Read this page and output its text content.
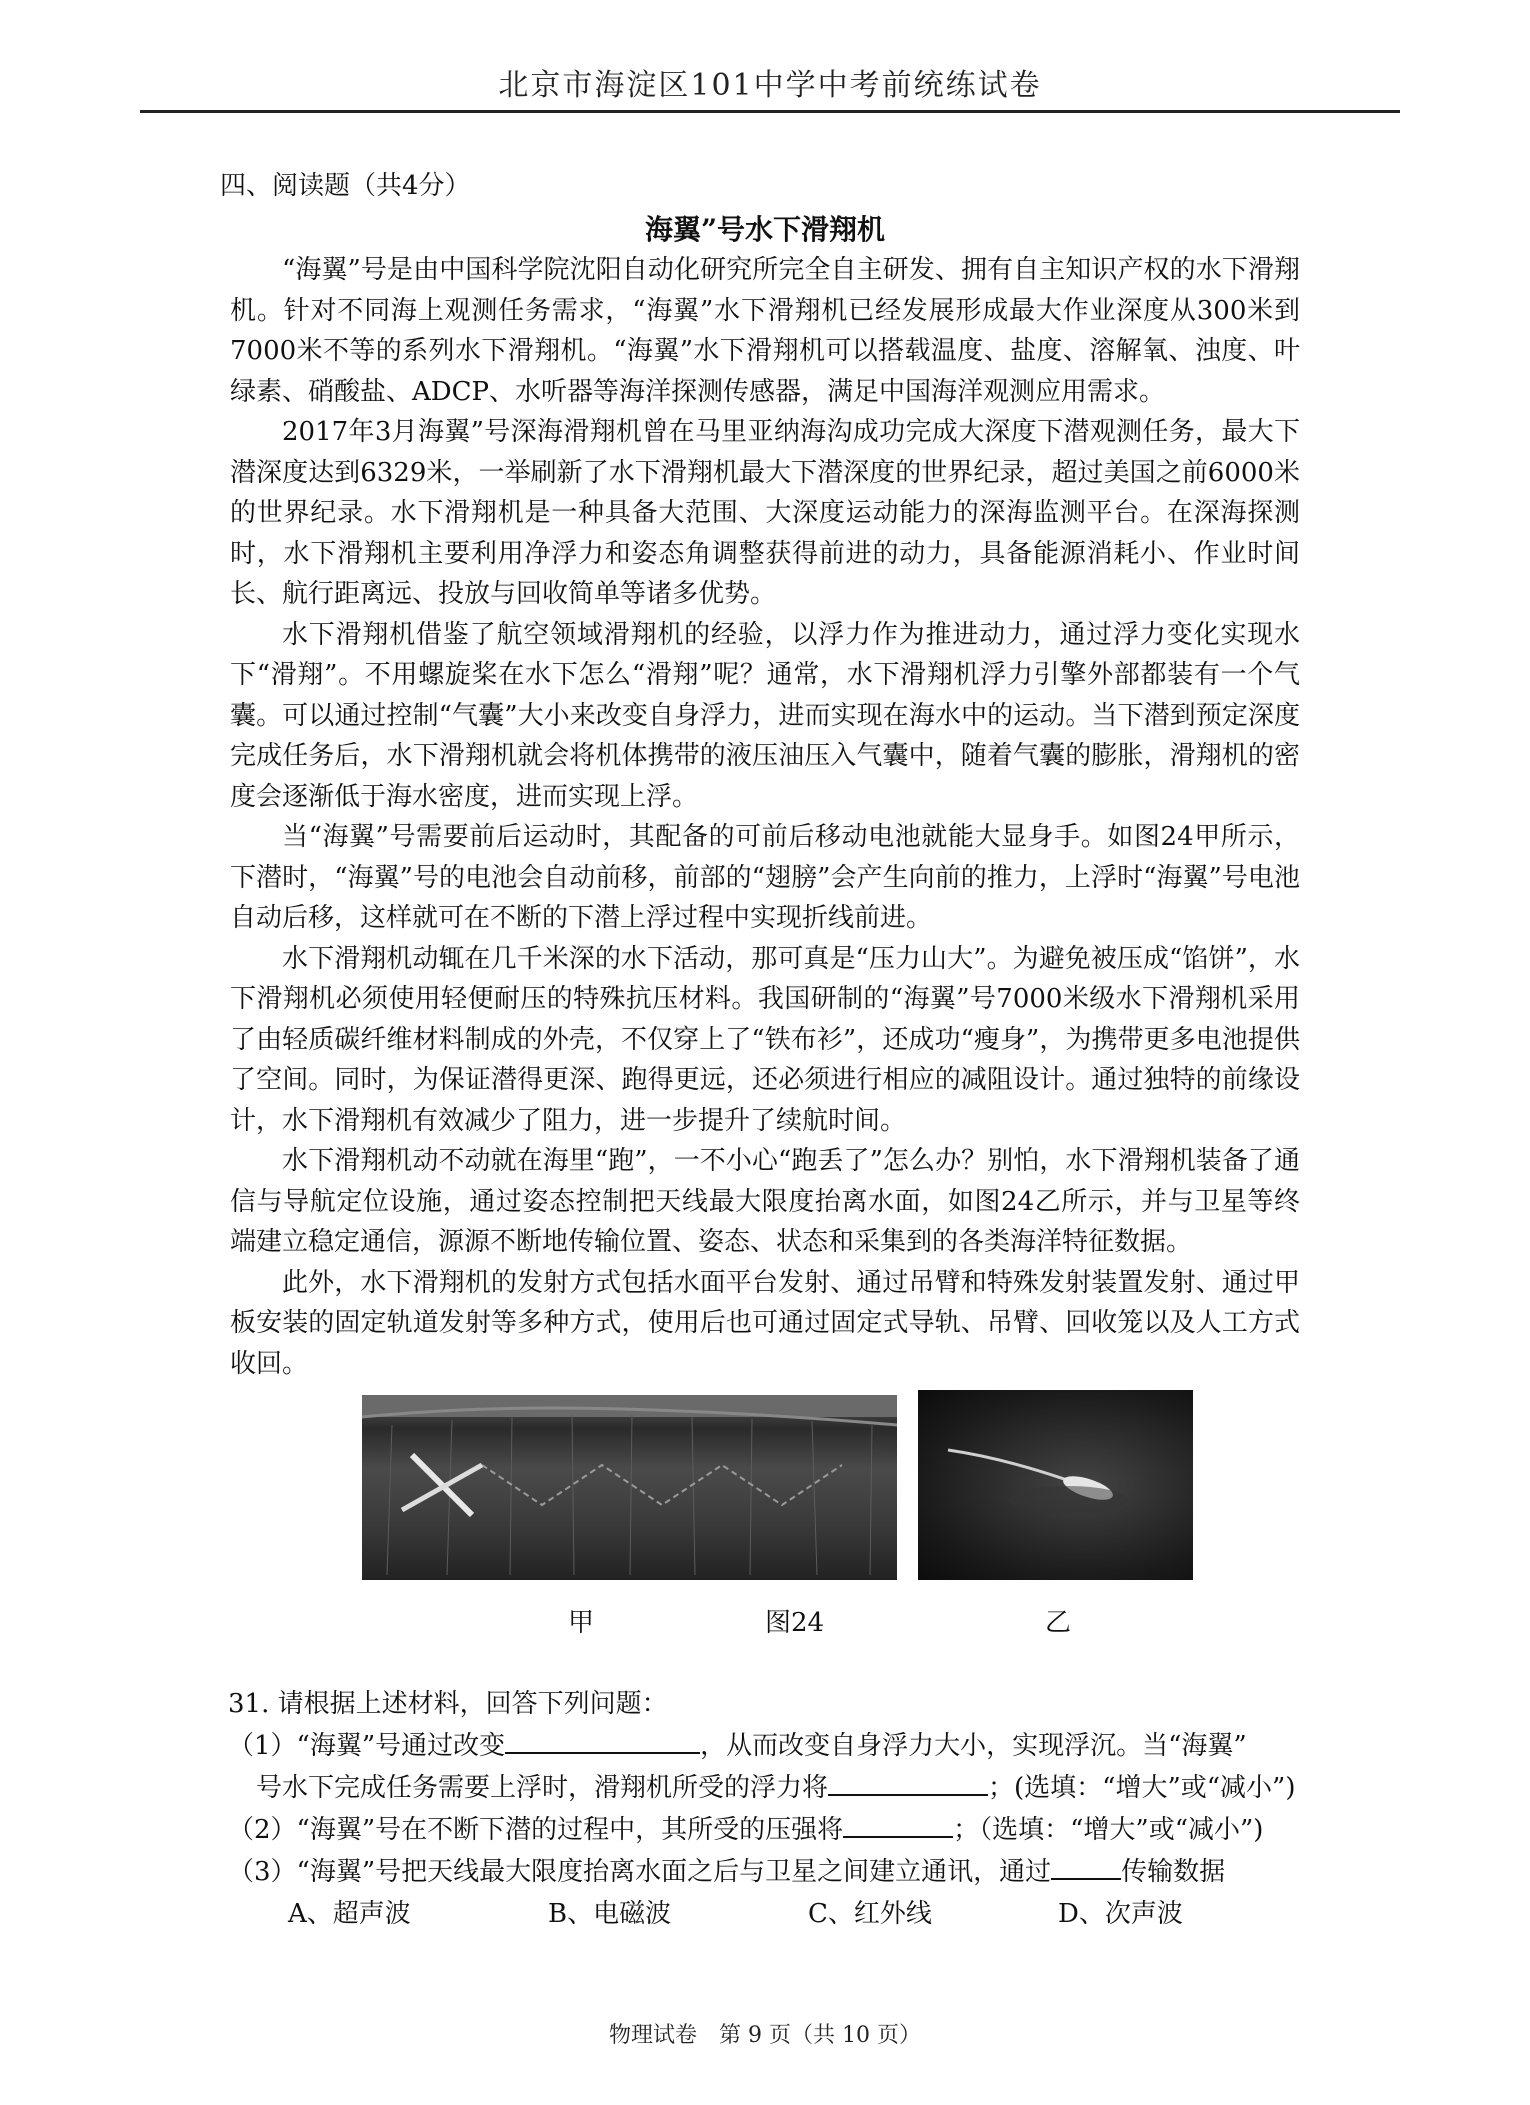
北京市海淀区101中学中考前统练试卷
四、阅读题（共4分）
海翼”号水下滑翔机

“海翼”号是由中国科学院沈阳自动化研究所完全自主研发、拥有自主知识产权的水下滑翔机。针对不同海上观测任务需求，“海翼”水下滑翔机已经发展形成最大作业深度从300米到7000米不等的系列水下滑翔机。“海翼”水下滑翔机可以搭载温度、盐度、溶解氧、浊度、叶绿素、硝酸盐、ADCP、水听器等海洋探测传感器，满足中国海洋观测应用需求。

2017年3月海翼”号深海滑翔机曾在马里亚纳海沟成功完成大深度下潜观测任务，最大下潜深度达到6329米，一举刷新了水下滑翔机最大下潜深度的世界纪录，超过美国之前6000米的世界纪录。水下滑翔机是一种具备大范围、大深度运动能力的深海监测平台。在深海探测时，水下滑翔机主要利用净浮力和姿态角调整获得前进的动力，具备能源消耗小、作业时间长、航行距离远、投放与回收简单等诸多优势。

水下滑翔机借鉴了航空领域滑翔机的经验，以浮力作为推进动力，通过浮力变化实现水下“滑翔”。不用螺旋桨在水下怎么“滑翔”呢？通常，水下滑翔机浮力引擎外部都装有一个气囊。可以通过控制“气囊”大小来改变自身浮力，进而实现在海水中的运动。当下潜到预定深度完成任务后，水下滑翔机就会将机体携带的液压油压入气囊中，随着气囊的膨胀，滑翔机的密度会逐渐低于海水密度，进而实现上浮。

当“海翼”号需要前后运动时，其配备的可前后移动电池就能大显身手。如图24甲所示，下潜时，“海翼”号的电池会自动前移，前部的“翅膀”会产生向前的推力，上浮时“海翼”号电池自动后移，这样就可在不断的下潜上浮过程中实现折线前进。

水下滑翔机动辄在几千米深的水下活动，那可真是“压力山大”。为避免被压成“馅饼”，水下滑翔机必须使用轻便耐压的特殊抗压材料。我国研制的“海翼”号7000米级水下滑翔机采用了由轻质碳纤维材料制成的外壳，不仅穿上了“铁布衫”，还成功“瘦身”，为携带更多电池提供了空间。同时，为保证潜得更深、跑得更远，还必须进行相应的减阻设计。通过独特的前缘设计，水下滑翔机有效减少了阻力，进一步提升了续航时间。

水下滑翔机动不动就在海里“跑”，一不小心“跑丢了”怎么办？别怕，水下滑翔机装备了通信与导航定位设施，通过姿态控制把天线最大限度抬离水面，如图24乙所示，并与卫星等终端建立稳定通信，源源不断地传输位置、姿态、状态和采集到的各类海洋特征数据。

此外，水下滑翔机的发射方式包括水面平台发射、通过吊臂和特殊发射装置发射、通过甲板安装的固定轨道发射等多种方式，使用后也可通过固定式导轨、吊臂、回收笼以及人工方式收回。

甲	图24	乙
31. 请根据上述材料，回答下列问题：
（1）“海翼”号通过改变	，从而改变自身浮力大小，实现浮沉。当“海翼”
号水下完成任务需要上浮时，滑翔机所受的浮力将	；(选填：“增大”或“减小”)
（2）“海翼”号在不断下潜的过程中，其所受的压强将	；（选填：“增大”或“减小”)
（3）“海翼”号把天线最大限度抬离水面之后与卫星之间建立通讯，通过	传输数据
A、超声波	B、电磁波	C、红外线	D、次声波
物理试卷　第 9 页（共 10 页）
